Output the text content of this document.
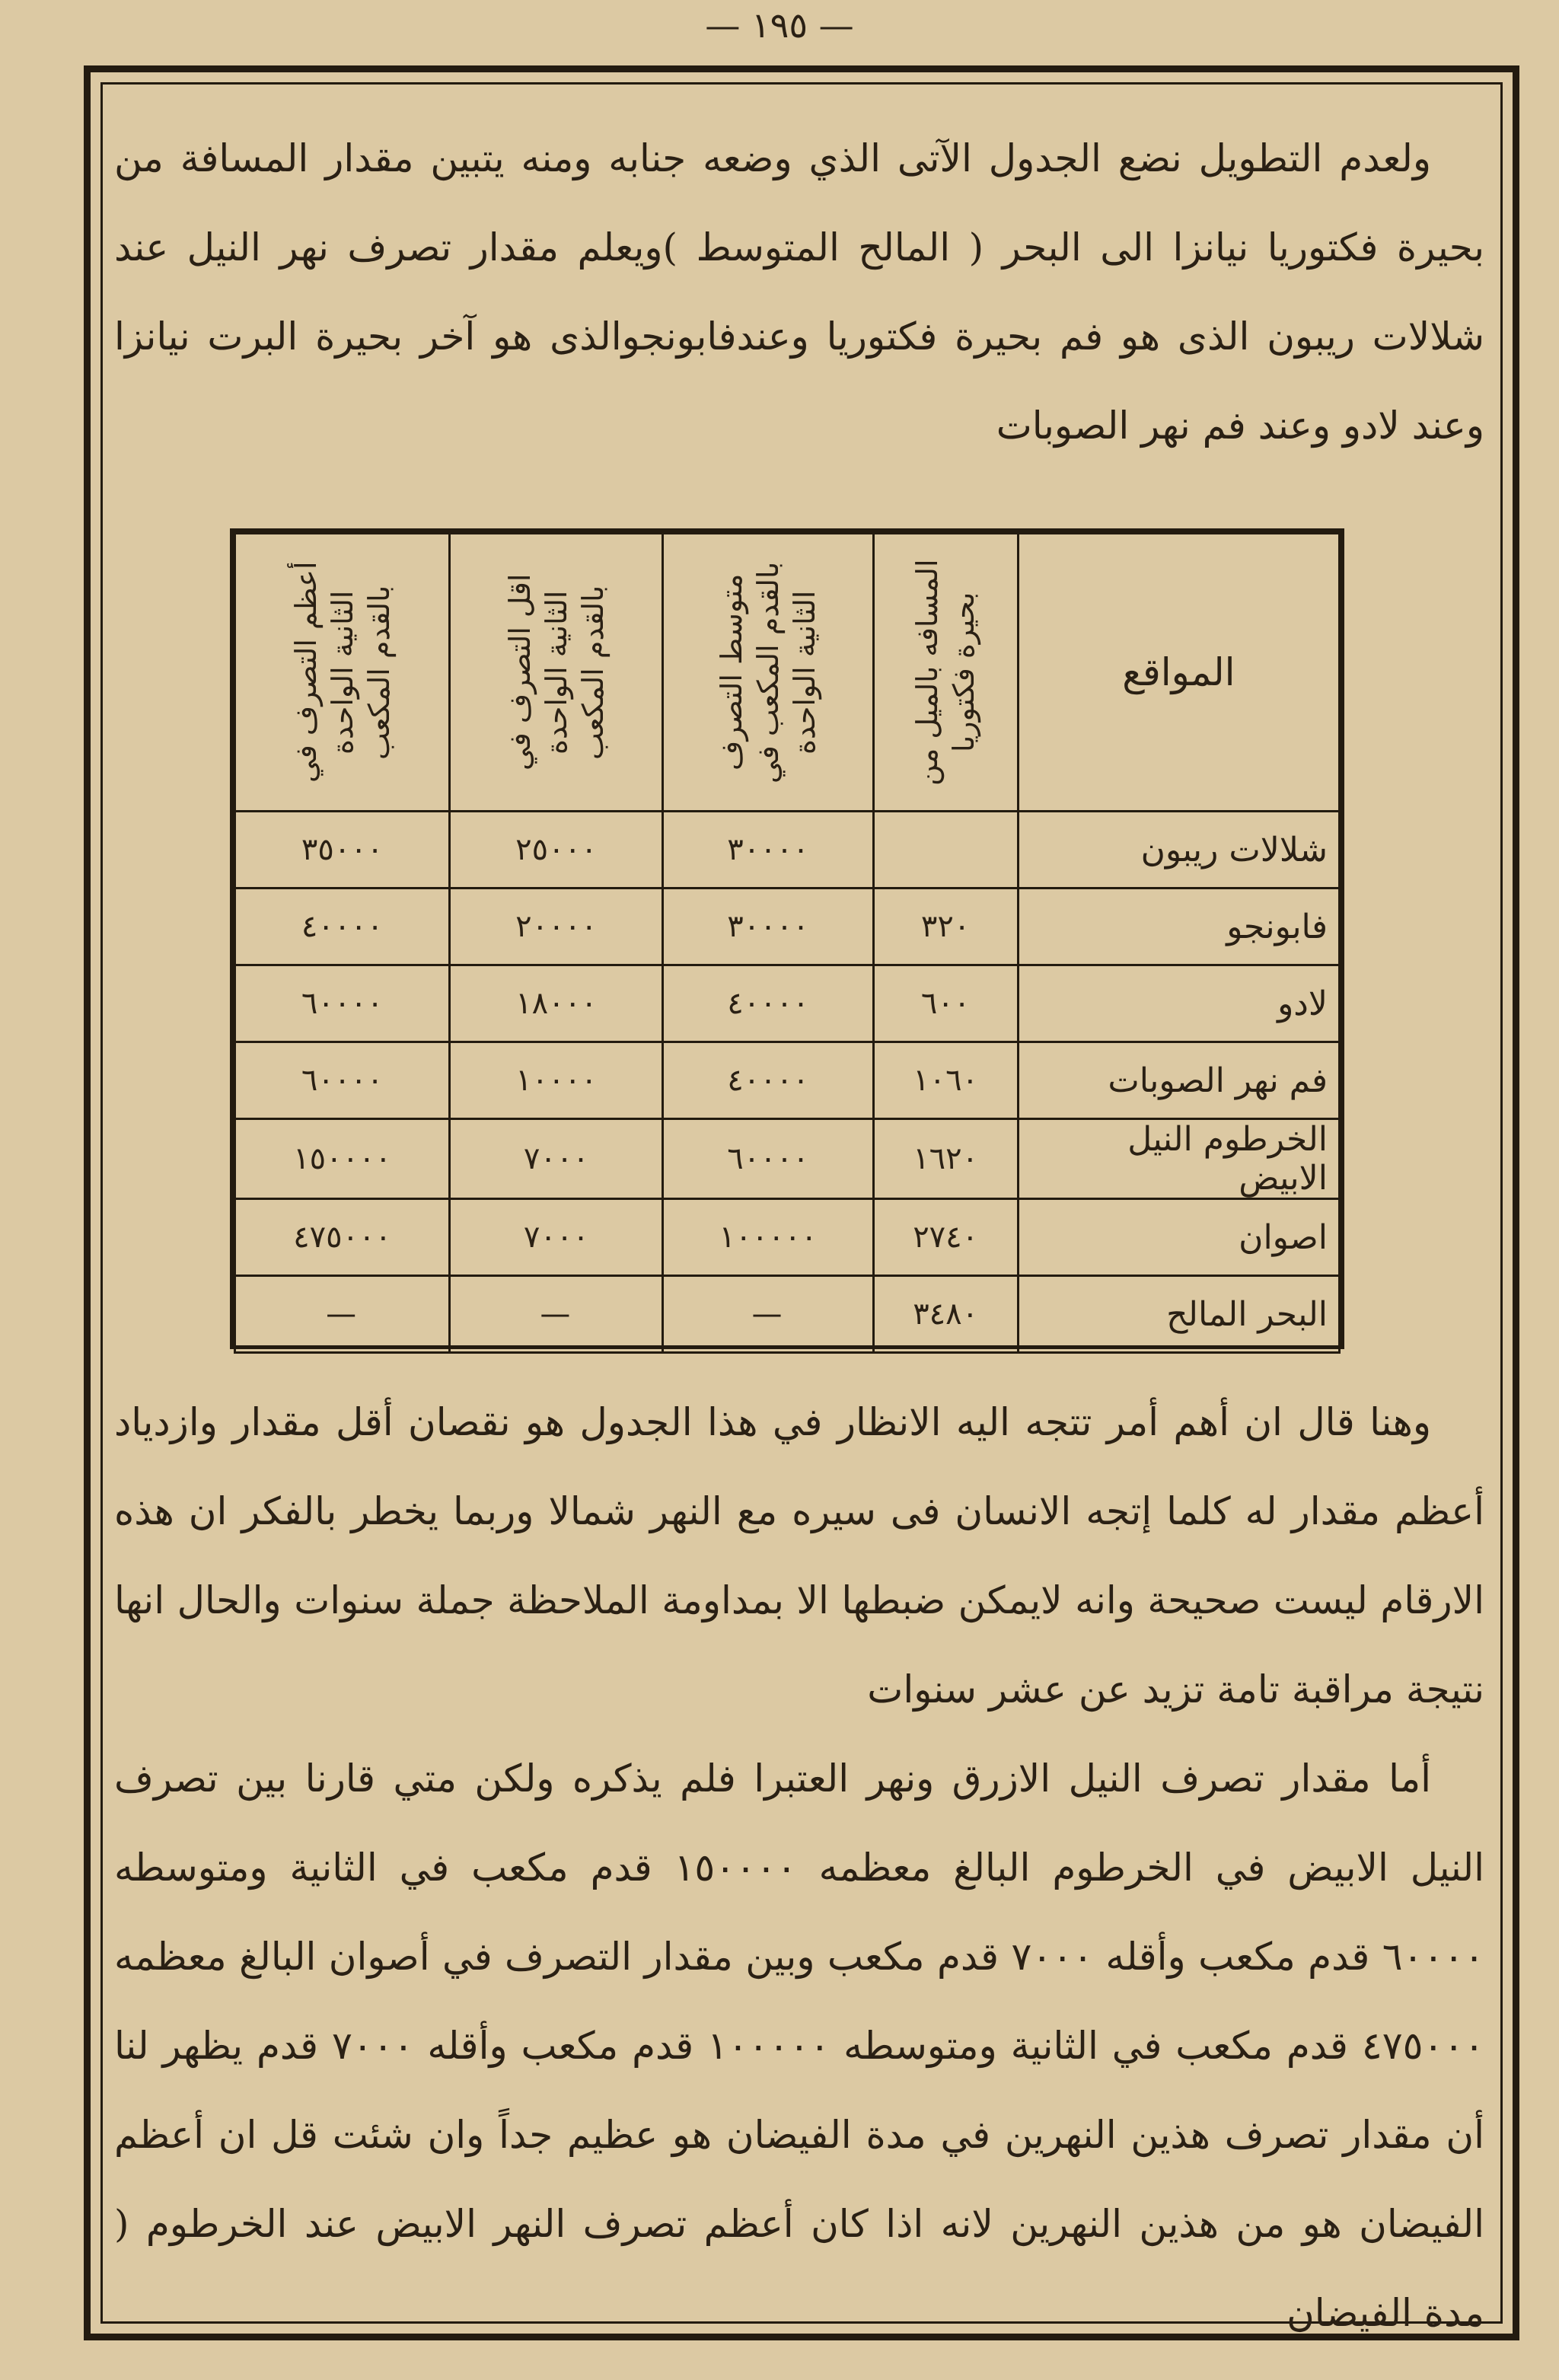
— ١٩٥ —

ولعدم التطويل نضع الجدول الآتى الذي وضعه جنابه ومنه يتبين مقدار المسافة من بحيرة فكتوريا نيانزا الى البحر ( المالح المتوسط )ويعلم مقدار تصرف نهر النيل عند شلالات ريبون الذى هو فم بحيرة فكتوريا وعندفابونجوالذى هو آخر بحيرة البرت نيانزا وعند لادو وعند فم نهر الصوبات

المواقع	المسافه بالميل من بحيرة فكتوريا	متوسط التصرف بالقدم المكعب في الثانية الواحدة	اقل التصرف في الثانية الواحدة بالقدم المكعب	أعظم التصرف في الثانية الواحدة بالقدم المكعب

شلالات ريبون		٣٠٠٠٠	٢٥٠٠٠	٣٥٠٠٠
فابونجو	٣٢٠	٣٠٠٠٠	٢٠٠٠٠	٤٠٠٠٠
لادو	٦٠٠	٤٠٠٠٠	١٨٠٠٠	٦٠٠٠٠
فم نهر الصوبات	١٠٦٠	٤٠٠٠٠	١٠٠٠٠	٦٠٠٠٠
الخرطوم النيل الابيض	١٦٢٠	٦٠٠٠٠	٧٠٠٠	١٥٠٠٠٠
اصوان	٢٧٤٠	١٠٠٠٠٠	٧٠٠٠	٤٧٥٠٠٠
البحر المالح	٣٤٨٠	—	—	—

وهنا قال ان أهم أمر تتجه اليه الانظار في هذا الجدول هو نقصان أقل مقدار وازدياد أعظم مقدار له كلما إتجه الانسان فى سيره مع النهر شمالا وربما يخطر بالفكر ان هذه الارقام ليست صحيحة وانه لايمكن ضبطها الا بمداومة الملاحظة جملة سنوات والحال انها نتيجة مراقبة تامة تزيد عن عشر سنوات

أما مقدار تصرف النيل الازرق ونهر العتبرا فلم يذكره ولكن متي قارنا بين تصرف النيل الابيض في الخرطوم البالغ معظمه ١٥٠٠٠٠ قدم مكعب في الثانية ومتوسطه ٦٠٠٠٠ قدم مكعب وأقله ٧٠٠٠ قدم مكعب وبين مقدار التصرف في أصوان البالغ معظمه ٤٧٥٠٠٠ قدم مكعب في الثانية ومتوسطه ١٠٠٠٠٠ قدم مكعب وأقله ٧٠٠٠ قدم يظهر لنا أن مقدار تصرف هذين النهرين في مدة الفيضان هو عظيم جداً وان شئت قل ان أعظم الفيضان هو من هذين النهرين لانه اذا كان أعظم تصرف النهر الابيض عند الخرطوم ( مدة الفيضان
